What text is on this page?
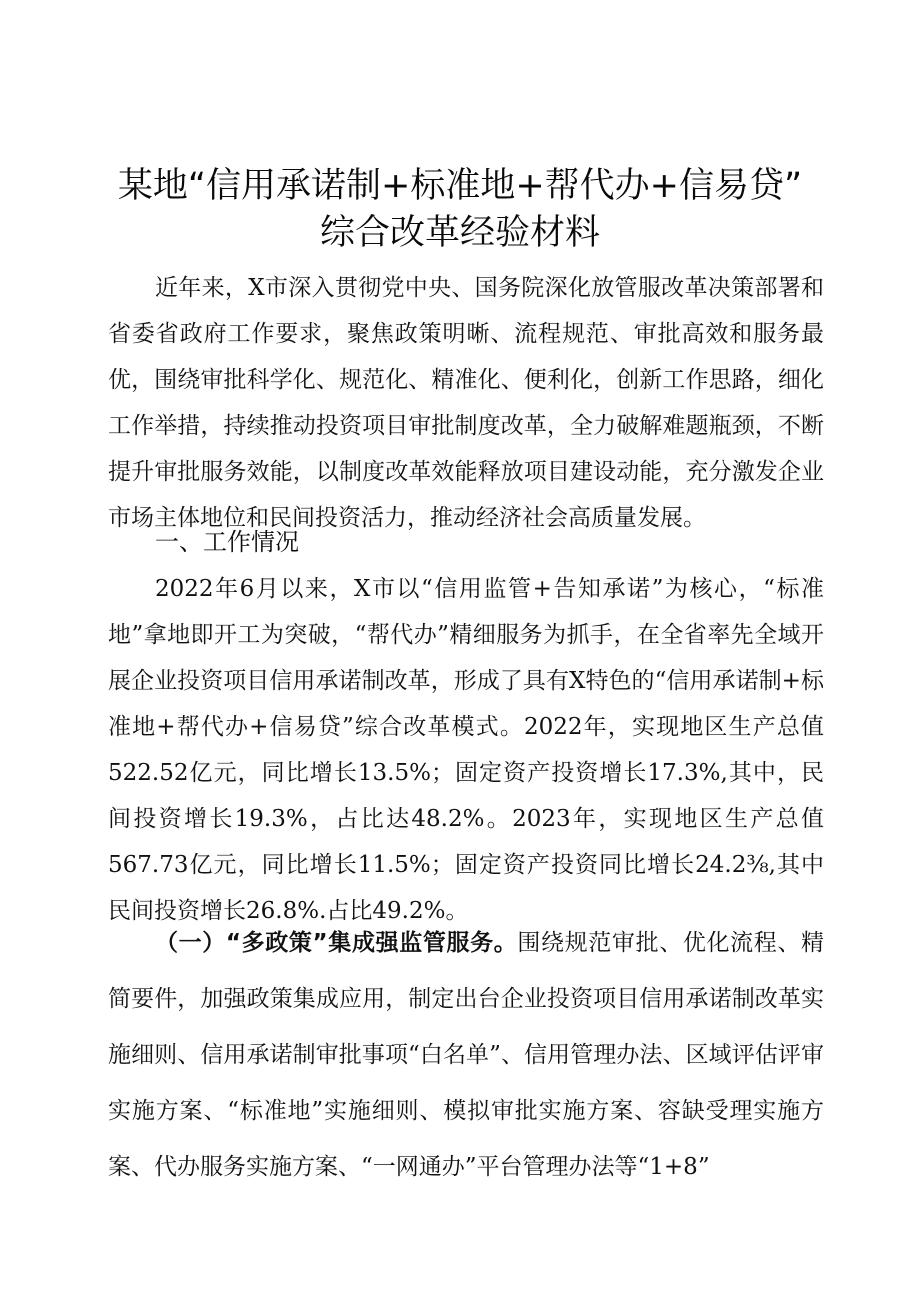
某地“信用承诺制+标准地+帮代办+信易贷”
综合改革经验材料

近年来，X市深入贯彻党中央、国务院深化放管服改革决策部署和省委省政府工作要求，聚焦政策明晰、流程规范、审批高效和服务最优，围绕审批科学化、规范化、精准化、便利化，创新工作思路，细化工作举措，持续推动投资项目审批制度改革，全力破解难题瓶颈，不断提升审批服务效能，以制度改革效能释放项目建设动能，充分激发企业市场主体地位和民间投资活力，推动经济社会高质量发展。

一、工作情况

2022年6月以来，X市以“信用监管+告知承诺”为核心，“标准地”拿地即开工为突破，“帮代办”精细服务为抓手，在全省率先全域开展企业投资项目信用承诺制改革，形成了具有X特色的“信用承诺制+标准地+帮代办+信易贷”综合改革模式。2022年，实现地区生产总值522.52亿元，同比增长13.5%；固定资产投资增长17.3%,其中，民间投资增长19.3%，占比达48.2%。2023年，实现地区生产总值567.73亿元，同比增长11.5%；固定资产投资同比增长24.2⅜,其中民间投资增长26.8%.占比49.2%。

（一）“多政策”集成强监管服务。围绕规范审批、优化流程、精简要件，加强政策集成应用，制定出台企业投资项目信用承诺制改革实施细则、信用承诺制审批事项“白名单”、信用管理办法、区域评估评审实施方案、“标准地”实施细则、模拟审批实施方案、容缺受理实施方案、代办服务实施方案、“一网通办”平台管理办法等“1+8”
